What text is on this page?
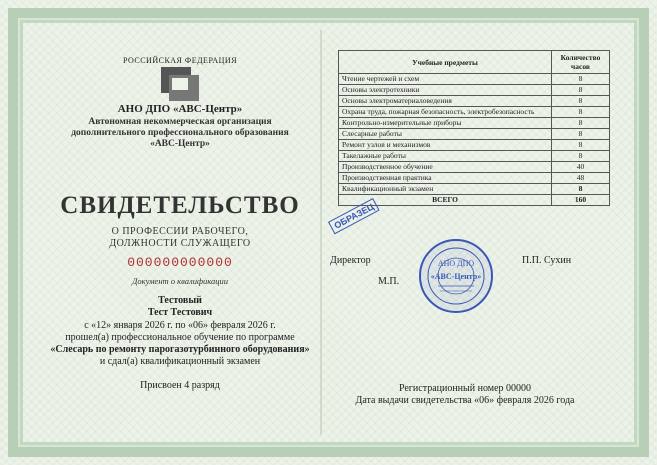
РОССИЙСКАЯ ФЕДЕРАЦИЯ
АНО ДПО «АВС-Центр»
Автономная некоммерческая организация
дополнительного профессионального образования
«АВС-Центр»
СВИДЕТЕЛЬСТВО
О ПРОФЕССИИ РАБОЧЕГО,
ДОЛЖНОСТИ СЛУЖАЩЕГО
000000000000
Документ о квалификации
Тестовый
Тест Тестович
с «12» января 2026 г. по «06» февраля 2026 г.
прошел(а) профессиональное обучение по программе
«Слесарь по ремонту парогазотурбинного оборудования»
и сдал(а) квалификационный экзамен
Присвоен 4 разряд
Учебные предметы	Количество часов
Чтение чертежей и схем	8
Основы электротехники	8
Основы электроматериаловедения	8
Охрана труда, пожарная безопасность, электробезопасность	8
Контрольно-измерительные приборы	8
Слесарные работы	8
Ремонт узлов и механизмов	8
Такелажные работы	8
Производственное обучение	40
Производственная практика	48
Квалификационный экзамен	8
ВСЕГО	160
ОБРАЗЕЦ
Директор	П.П. Сухин
М.П.
АНО ДПО
«АВС-Центр»
Регистрационный номер 00000
Дата выдачи свидетельства «06» февраля 2026 года
